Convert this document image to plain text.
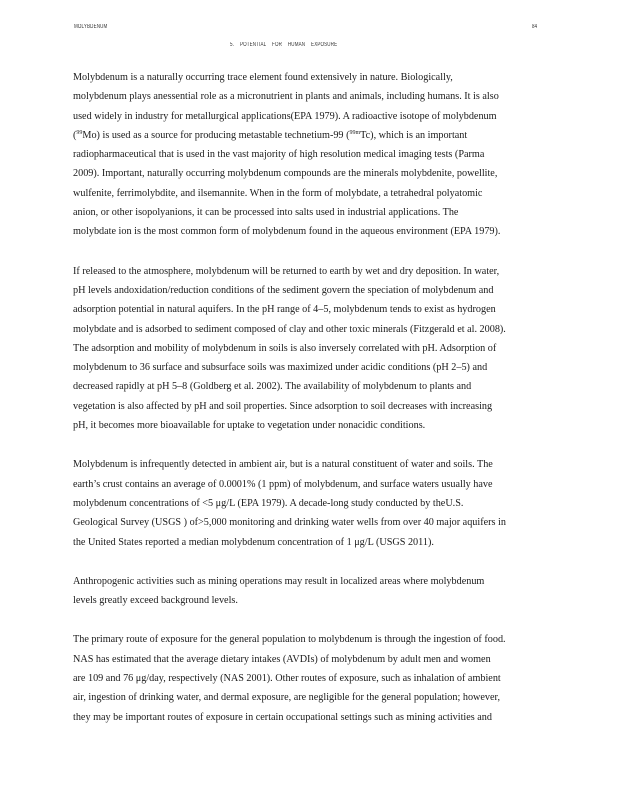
MOLYBDENUM	84
5. POTENTIAL FOR HUMAN EXPOSURE
Molybdenum is a naturally occurring trace element found extensively in nature. Biologically,
molybdenum plays anessential role as a micronutrient in plants and animals, including humans. It is also
used widely in industry for metallurgical applications(EPA 1979). A radioactive isotope of molybdenum
($^{99}$Mo) is used as a source for producing metastable technetium-99 ($^{99m}$Tc), which is an important
radiopharmaceutical that is used in the vast majority of high resolution medical imaging tests (Parma
2009). Important, naturally occurring molybdenum compounds are the minerals molybdenite, powellite,
wulfenite, ferrimolybdite, and ilsemannite. When in the form of molybdate, a tetrahedral polyatomic
anion, or other isopolyanions, it can be processed into salts used in industrial applications. The
molybdate ion is the most common form of molybdenum found in the aqueous environment (EPA 1979).
If released to the atmosphere, molybdenum will be returned to earth by wet and dry deposition. In water,
pH levels andoxidation/reduction conditions of the sediment govern the speciation of molybdenum and
adsorption potential in natural aquifers. In the pH range of 4–5, molybdenum tends to exist as hydrogen
molybdate and is adsorbed to sediment composed of clay and other toxic minerals (Fitzgerald et al. 2008).
The adsorption and mobility of molybdenum in soils is also inversely correlated with pH. Adsorption of
molybdenum to 36 surface and subsurface soils was maximized under acidic conditions (pH 2–5) and
decreased rapidly at pH 5–8 (Goldberg et al. 2002). The availability of molybdenum to plants and
vegetation is also affected by pH and soil properties. Since adsorption to soil decreases with increasing
pH, it becomes more bioavailable for uptake to vegetation under nonacidic conditions.
Molybdenum is infrequently detected in ambient air, but is a natural constituent of water and soils. The
earth’s crust contains an average of 0.0001% (1 ppm) of molybdenum, and surface waters usually have
molybdenum concentrations of <5 μg/L (EPA 1979). A decade-long study conducted by theU.S.
Geological Survey (USGS ) of>5,000 monitoring and drinking water wells from over 40 major aquifers in
the United States reported a median molybdenum concentration of 1 μg/L (USGS 2011).
Anthropogenic activities such as mining operations may result in localized areas where molybdenum
levels greatly exceed background levels.
The primary route of exposure for the general population to molybdenum is through the ingestion of food.
NAS has estimated that the average dietary intakes (AVDIs) of molybdenum by adult men and women
are 109 and 76 μg/day, respectively (NAS 2001). Other routes of exposure, such as inhalation of ambient
air, ingestion of drinking water, and dermal exposure, are negligible for the general population; however,
they may be important routes of exposure in certain occupational settings such as mining activities and
